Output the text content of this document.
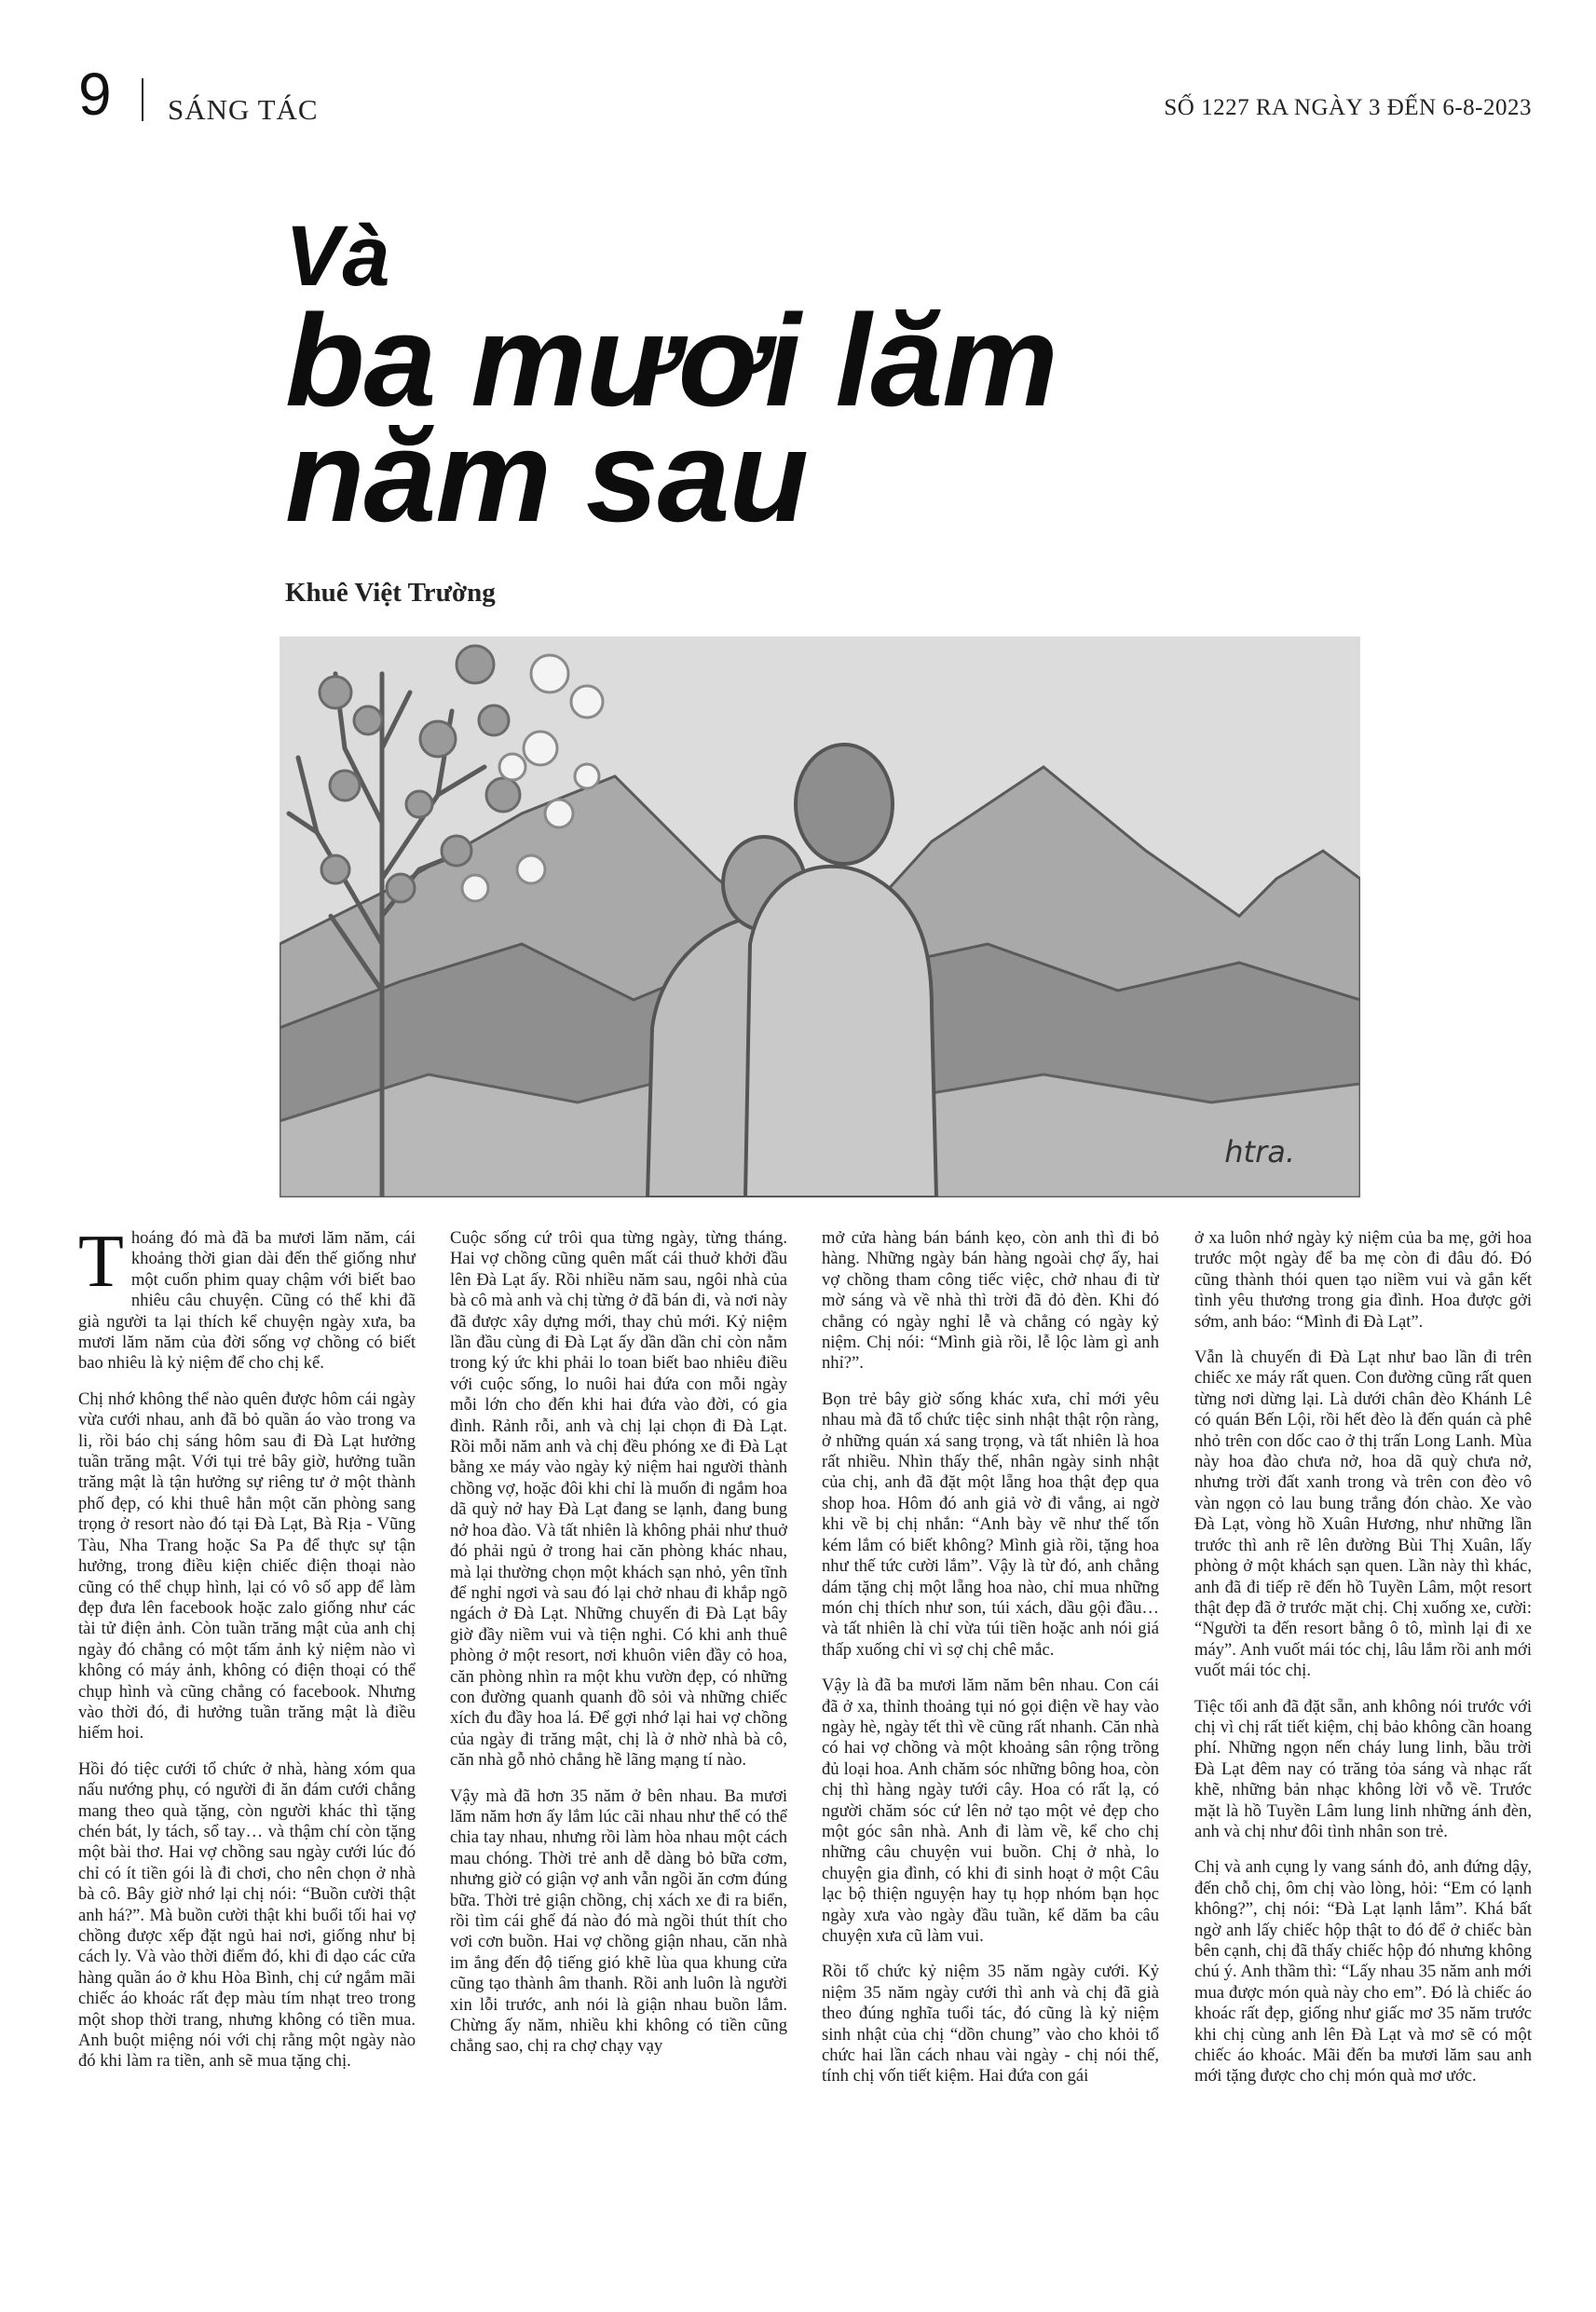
9 SÁNG TÁC	SỐ 1227 RA NGÀY 3 ĐẾN 6-8-2023
Và
ba mươi lăm
năm sau
Khuê Việt Trường
htra.

Thoáng đó mà đã ba mươi lăm năm, cái khoảng thời gian dài đến thế giống như một cuốn phim quay chậm với biết bao nhiêu câu chuyện. Cũng có thể khi đã già người ta lại thích kể chuyện ngày xưa, ba mươi lăm năm của đời sống vợ chồng có biết bao nhiêu là kỷ niệm để cho chị kể.

Chị nhớ không thể nào quên được hôm cái ngày vừa cưới nhau, anh đã bỏ quần áo vào trong va li, rồi báo chị sáng hôm sau đi Đà Lạt hưởng tuần trăng mật. Với tụi trẻ bây giờ, hưởng tuần trăng mật là tận hưởng sự riêng tư ở một thành phố đẹp, có khi thuê hẳn một căn phòng sang trọng ở resort nào đó tại Đà Lạt, Bà Rịa - Vũng Tàu, Nha Trang hoặc Sa Pa để thực sự tận hưởng, trong điều kiện chiếc điện thoại nào cũng có thể chụp hình, lại có vô số app để làm đẹp đưa lên facebook hoặc zalo giống như các tài tử điện ảnh. Còn tuần trăng mật của anh chị ngày đó chẳng có một tấm ảnh kỷ niệm nào vì không có máy ảnh, không có điện thoại có thể chụp hình và cũng chẳng có facebook. Nhưng vào thời đó, đi hưởng tuần trăng mật là điều hiếm hoi.

Hồi đó tiệc cưới tổ chức ở nhà, hàng xóm qua nấu nướng phụ, có người đi ăn đám cưới chẳng mang theo quà tặng, còn người khác thì tặng chén bát, ly tách, sổ tay… và thậm chí còn tặng một bài thơ. Hai vợ chồng sau ngày cưới lúc đó chỉ có ít tiền gói là đi chơi, cho nên chọn ở nhà bà cô. Bây giờ nhớ lại chị nói: “Buồn cười thật anh há?”. Mà buồn cười thật khi buổi tối hai vợ chồng được xếp đặt ngủ hai nơi, giống như bị cách ly. Và vào thời điểm đó, khi đi dạo các cửa hàng quần áo ở khu Hòa Bình, chị cứ ngắm mãi chiếc áo khoác rất đẹp màu tím nhạt treo trong một shop thời trang, nhưng không có tiền mua. Anh buột miệng nói với chị rằng một ngày nào đó khi làm ra tiền, anh sẽ mua tặng chị.

Cuộc sống cứ trôi qua từng ngày, từng tháng. Hai vợ chồng cũng quên mất cái thuở khởi đầu lên Đà Lạt ấy. Rồi nhiều năm sau, ngôi nhà của bà cô mà anh và chị từng ở đã bán đi, và nơi này đã được xây dựng mới, thay chủ mới. Kỷ niệm lần đầu cùng đi Đà Lạt ấy dần dần chỉ còn nằm trong ký ức khi phải lo toan biết bao nhiêu điều với cuộc sống, lo nuôi hai đứa con mỗi ngày mỗi lớn cho đến khi hai đứa vào đời, có gia đình. Rảnh rỗi, anh và chị lại chọn đi Đà Lạt. Rồi mỗi năm anh và chị đều phóng xe đi Đà Lạt bằng xe máy vào ngày kỷ niệm hai người thành chồng vợ, hoặc đôi khi chỉ là muốn đi ngắm hoa dã quỳ nở hay Đà Lạt đang se lạnh, đang bung nở hoa đào. Và tất nhiên là không phải như thuở đó phải ngủ ở trong hai căn phòng khác nhau, mà lại thường chọn một khách sạn nhỏ, yên tĩnh để nghỉ ngơi và sau đó lại chở nhau đi khắp ngõ ngách ở Đà Lạt. Những chuyến đi Đà Lạt bây giờ đầy niềm vui và tiện nghi. Có khi anh thuê phòng ở một resort, nơi khuôn viên đầy cỏ hoa, căn phòng nhìn ra một khu vườn đẹp, có những con đường quanh quanh đồ sỏi và những chiếc xích đu đầy hoa lá. Để gợi nhớ lại hai vợ chồng của ngày đi trăng mật, chị là ở nhờ nhà bà cô, căn nhà gỗ nhỏ chẳng hề lãng mạng tí nào.

Vậy mà đã hơn 35 năm ở bên nhau. Ba mươi lăm năm hơn ấy lắm lúc cãi nhau như thể có thể chia tay nhau, nhưng rồi làm hòa nhau một cách mau chóng. Thời trẻ anh dễ dàng bỏ bữa cơm, nhưng giờ có giận vợ anh vẫn ngồi ăn cơm đúng bữa. Thời trẻ giận chồng, chị xách xe đi ra biển, rồi tìm cái ghế đá nào đó mà ngồi thút thít cho vơi cơn buồn. Hai vợ chồng giận nhau, căn nhà im ắng đến độ tiếng gió khẽ lùa qua khung cửa cũng tạo thành âm thanh. Rồi anh luôn là người xin lỗi trước, anh nói là giận nhau buồn lắm. Chừng ấy năm, nhiều khi không có tiền cũng chẳng sao, chị ra chợ chạy vạy

mở cửa hàng bán bánh kẹo, còn anh thì đi bỏ hàng. Những ngày bán hàng ngoài chợ ấy, hai vợ chồng tham công tiếc việc, chở nhau đi từ mờ sáng và về nhà thì trời đã đỏ đèn. Khi đó chẳng có ngày nghỉ lễ và chẳng có ngày kỷ niệm. Chị nói: “Mình già rồi, lễ lộc làm gì anh nhỉ?”.

Bọn trẻ bây giờ sống khác xưa, chỉ mới yêu nhau mà đã tổ chức tiệc sinh nhật thật rộn ràng, ở những quán xá sang trọng, và tất nhiên là hoa rất nhiều. Nhìn thấy thế, nhân ngày sinh nhật của chị, anh đã đặt một lẵng hoa thật đẹp qua shop hoa. Hôm đó anh giả vờ đi vắng, ai ngờ khi về bị chị nhắn: “Anh bày vẽ như thế tốn kém lắm có biết không? Mình già rồi, tặng hoa như thế tức cười lắm”. Vậy là từ đó, anh chẳng dám tặng chị một lẵng hoa nào, chỉ mua những món chị thích như son, túi xách, dầu gội đầu… và tất nhiên là chỉ vừa túi tiền hoặc anh nói giá thấp xuống chỉ vì sợ chị chê mắc.

Vậy là đã ba mươi lăm năm bên nhau. Con cái đã ở xa, thỉnh thoảng tụi nó gọi điện về hay vào ngày hè, ngày tết thì về cũng rất nhanh. Căn nhà có hai vợ chồng và một khoảng sân rộng trồng đủ loại hoa. Anh chăm sóc những bông hoa, còn chị thì hàng ngày tưới cây. Hoa có rất lạ, có người chăm sóc cứ lên nở tạo một vẻ đẹp cho một góc sân nhà. Anh đi làm về, kể cho chị những câu chuyện vui buồn. Chị ở nhà, lo chuyện gia đình, có khi đi sinh hoạt ở một Câu lạc bộ thiện nguyện hay tụ họp nhóm bạn học ngày xưa vào ngày đầu tuần, kể dăm ba câu chuyện xưa cũ làm vui.

Rồi tổ chức kỷ niệm 35 năm ngày cưới. Kỷ niệm 35 năm ngày cưới thì anh và chị đã già theo đúng nghĩa tuổi tác, đó cũng là kỷ niệm sinh nhật của chị “dồn chung” vào cho khỏi tổ chức hai lần cách nhau vài ngày - chị nói thế, tính chị vốn tiết kiệm. Hai đứa con gái

ở xa luôn nhớ ngày kỷ niệm của ba mẹ, gởi hoa trước một ngày để ba mẹ còn đi đâu đó. Đó cũng thành thói quen tạo niềm vui và gắn kết tình yêu thương trong gia đình. Hoa được gởi sớm, anh báo: “Mình đi Đà Lạt”.

Vẫn là chuyến đi Đà Lạt như bao lần đi trên chiếc xe máy rất quen. Con đường cũng rất quen từng nơi dừng lại. Là dưới chân đèo Khánh Lê có quán Bến Lội, rồi hết đèo là đến quán cà phê nhỏ trên con dốc cao ở thị trấn Long Lanh. Mùa này hoa đào chưa nở, hoa dã quỳ chưa nở, nhưng trời đất xanh trong và trên con đèo vô vàn ngọn cỏ lau bung trắng đón chào. Xe vào Đà Lạt, vòng hồ Xuân Hương, như những lần trước thì anh rẽ lên đường Bùi Thị Xuân, lấy phòng ở một khách sạn quen. Lần này thì khác, anh đã đi tiếp rẽ đến hồ Tuyền Lâm, một resort thật đẹp đã ở trước mặt chị. Chị xuống xe, cười: “Người ta đến resort bằng ô tô, mình lại đi xe máy”. Anh vuốt mái tóc chị, lâu lắm rồi anh mới vuốt mái tóc chị.

Tiệc tối anh đã đặt sẵn, anh không nói trước với chị vì chị rất tiết kiệm, chị bảo không cần hoang phí. Những ngọn nến cháy lung linh, bầu trời Đà Lạt đêm nay có trăng tỏa sáng và nhạc rất khẽ, những bản nhạc không lời vỗ về. Trước mặt là hồ Tuyền Lâm lung linh những ánh đèn, anh và chị như đôi tình nhân son trẻ.

Chị và anh cụng ly vang sánh đỏ, anh đứng dậy, đến chỗ chị, ôm chị vào lòng, hỏi: “Em có lạnh không?”, chị nói: “Đà Lạt lạnh lắm”. Khá bất ngờ anh lấy chiếc hộp thật to đó để ở chiếc bàn bên cạnh, chị đã thấy chiếc hộp đó nhưng không chú ý. Anh thầm thì: “Lấy nhau 35 năm anh mới mua được món quà này cho em”. Đó là chiếc áo khoác rất đẹp, giống như giấc mơ 35 năm trước khi chị cùng anh lên Đà Lạt và mơ sẽ có một chiếc áo khoác. Mãi đến ba mươi lăm sau anh mới tặng được cho chị món quà mơ ước.
